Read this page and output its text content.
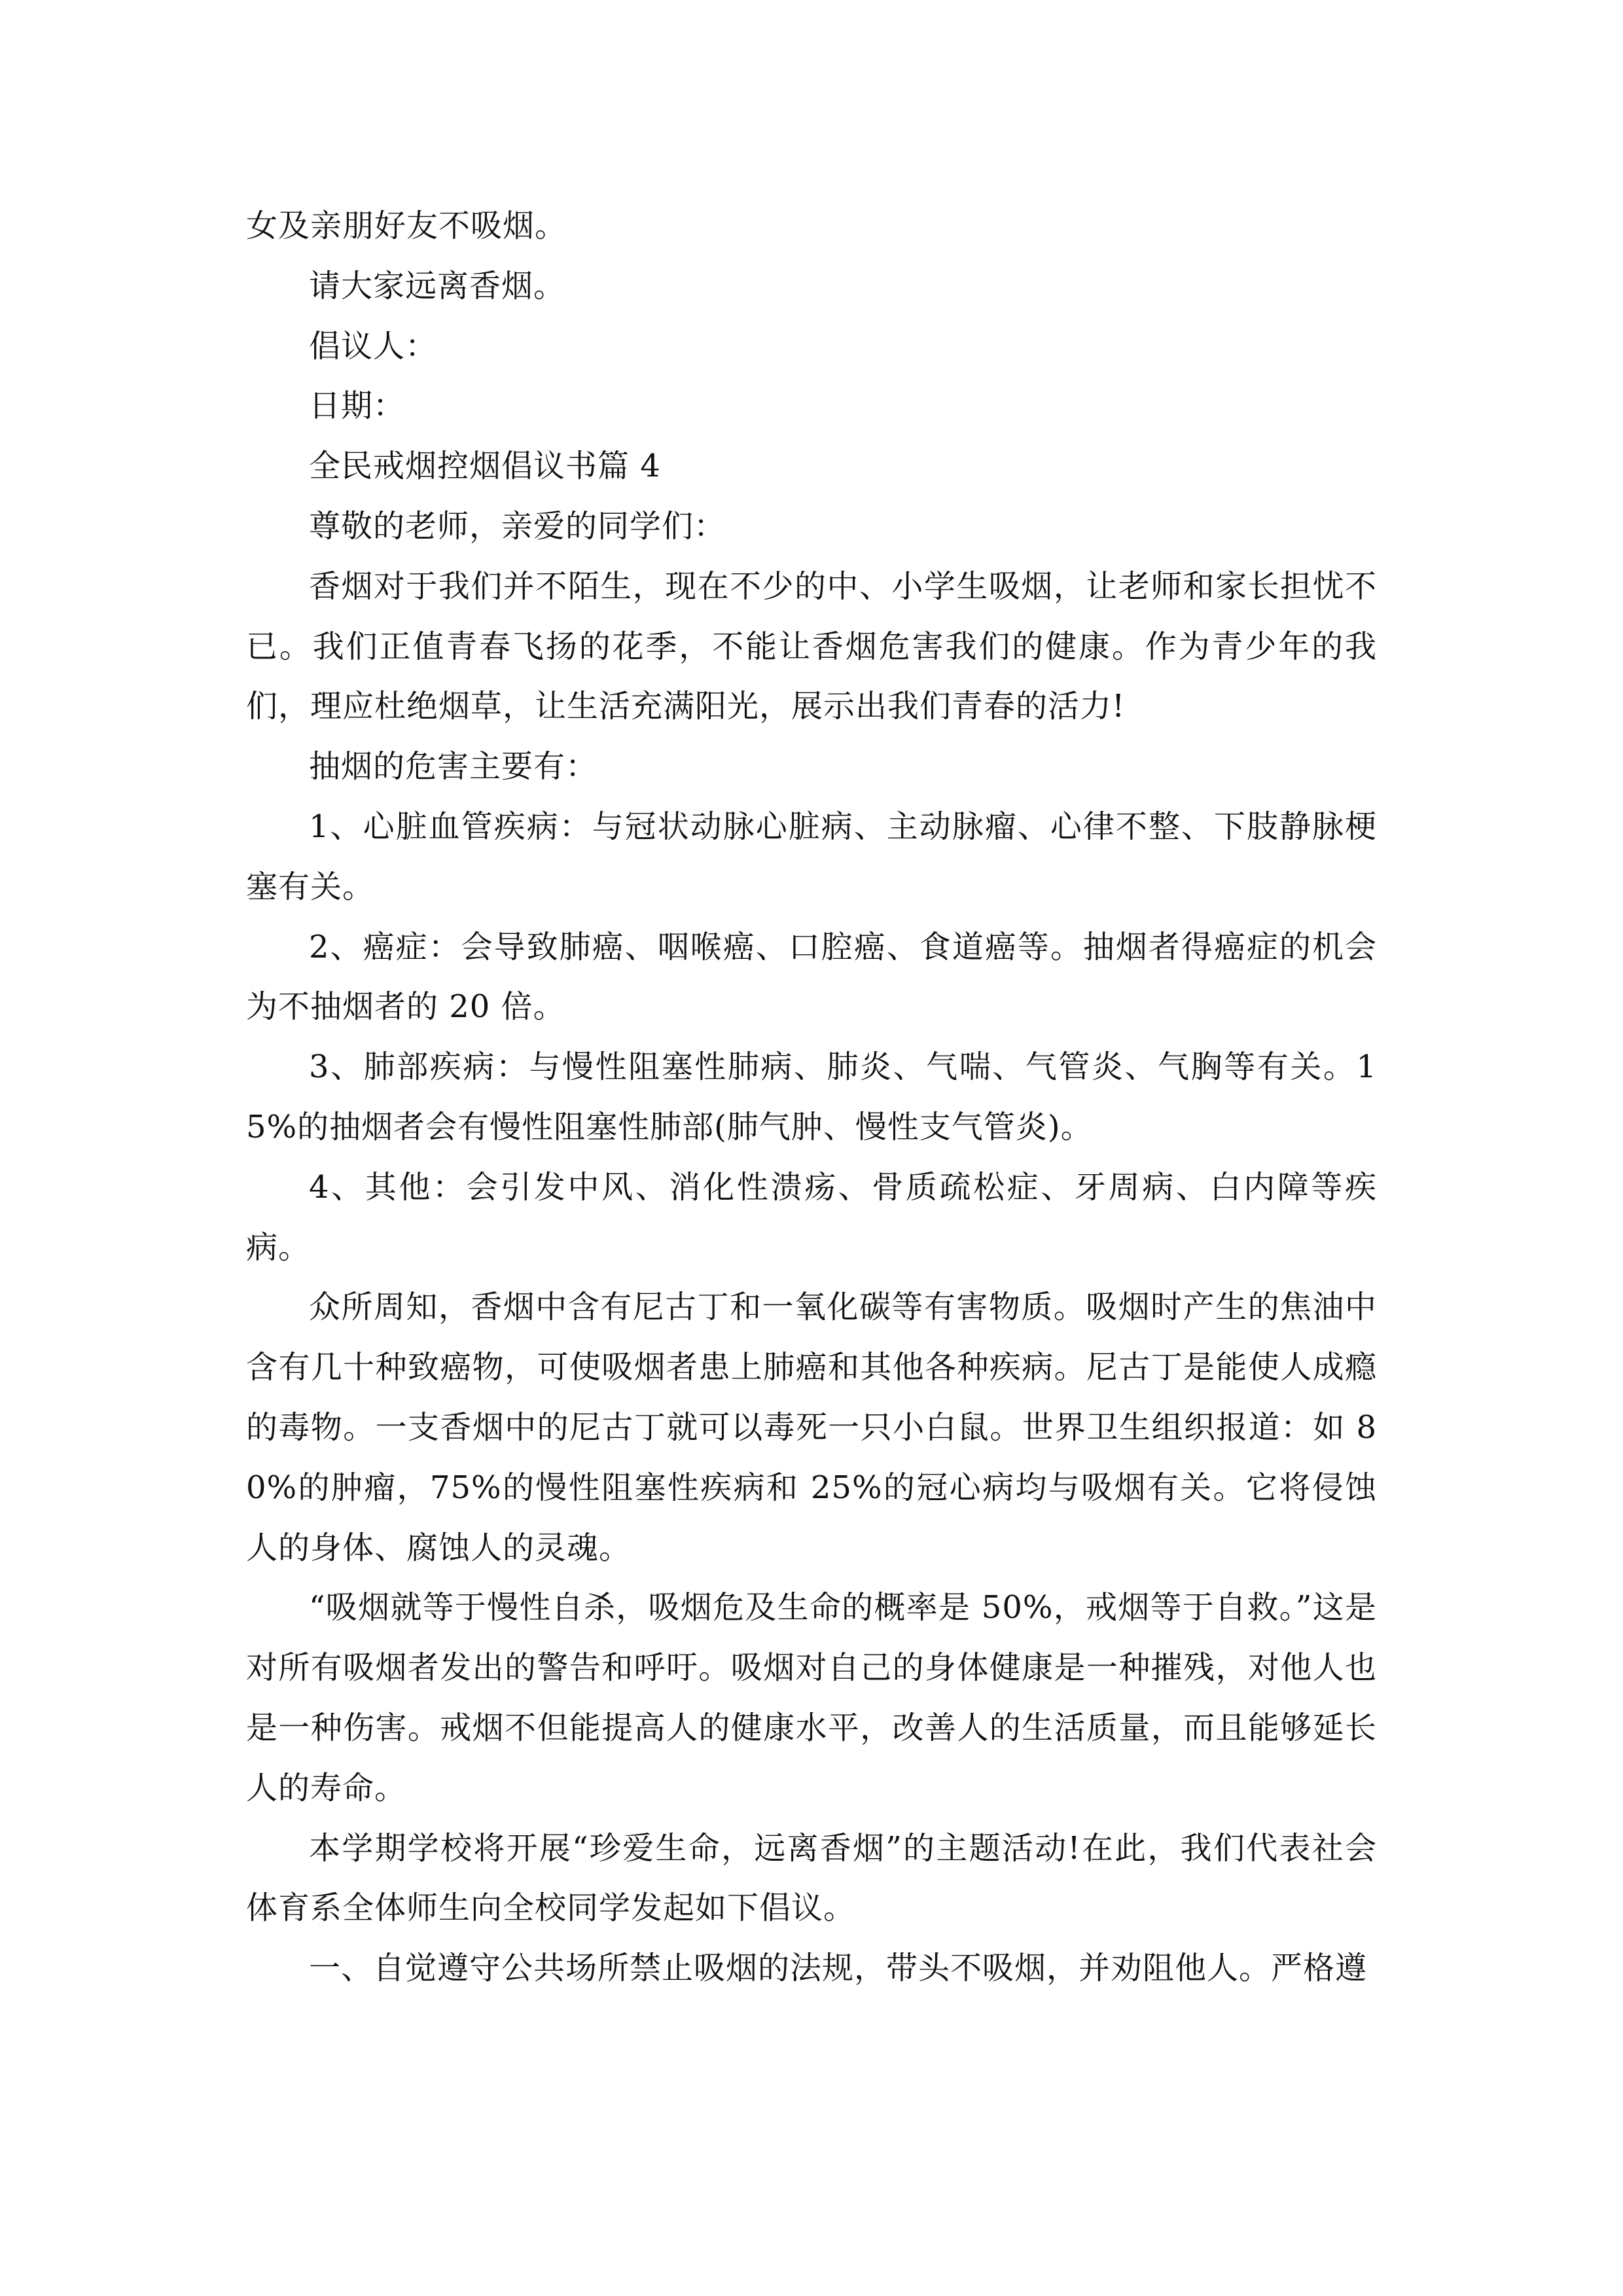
女及亲朋好友不吸烟。

请大家远离香烟。

倡议人：

日期：

全民戒烟控烟倡议书篇 4

尊敬的老师，亲爱的同学们：

香烟对于我们并不陌生，现在不少的中、小学生吸烟，让老师和家长担忧不已。我们正值青春飞扬的花季，不能让香烟危害我们的健康。作为青少年的我们，理应杜绝烟草，让生活充满阳光，展示出我们青春的活力!

抽烟的危害主要有：

1、心脏血管疾病：与冠状动脉心脏病、主动脉瘤、心律不整、下肢静脉梗塞有关。

2、癌症：会导致肺癌、咽喉癌、口腔癌、食道癌等。抽烟者得癌症的机会为不抽烟者的 20 倍。

3、肺部疾病：与慢性阻塞性肺病、肺炎、气喘、气管炎、气胸等有关。15%的抽烟者会有慢性阻塞性肺部(肺气肿、慢性支气管炎)。

4、其他：会引发中风、消化性溃疡、骨质疏松症、牙周病、白内障等疾病。

众所周知，香烟中含有尼古丁和一氧化碳等有害物质。吸烟时产生的焦油中含有几十种致癌物，可使吸烟者患上肺癌和其他各种疾病。尼古丁是能使人成瘾的毒物。一支香烟中的尼古丁就可以毒死一只小白鼠。世界卫生组织报道：如 80%的肿瘤，75%的慢性阻塞性疾病和 25%的冠心病均与吸烟有关。它将侵蚀人的身体、腐蚀人的灵魂。

“吸烟就等于慢性自杀，吸烟危及生命的概率是 50%，戒烟等于自救。”这是对所有吸烟者发出的警告和呼吁。吸烟对自己的身体健康是一种摧残，对他人也是一种伤害。戒烟不但能提高人的健康水平，改善人的生活质量，而且能够延长人的寿命。

本学期学校将开展“珍爱生命，远离香烟”的主题活动!在此，我们代表社会体育系全体师生向全校同学发起如下倡议。

一、自觉遵守公共场所禁止吸烟的法规，带头不吸烟，并劝阻他人。严格遵
